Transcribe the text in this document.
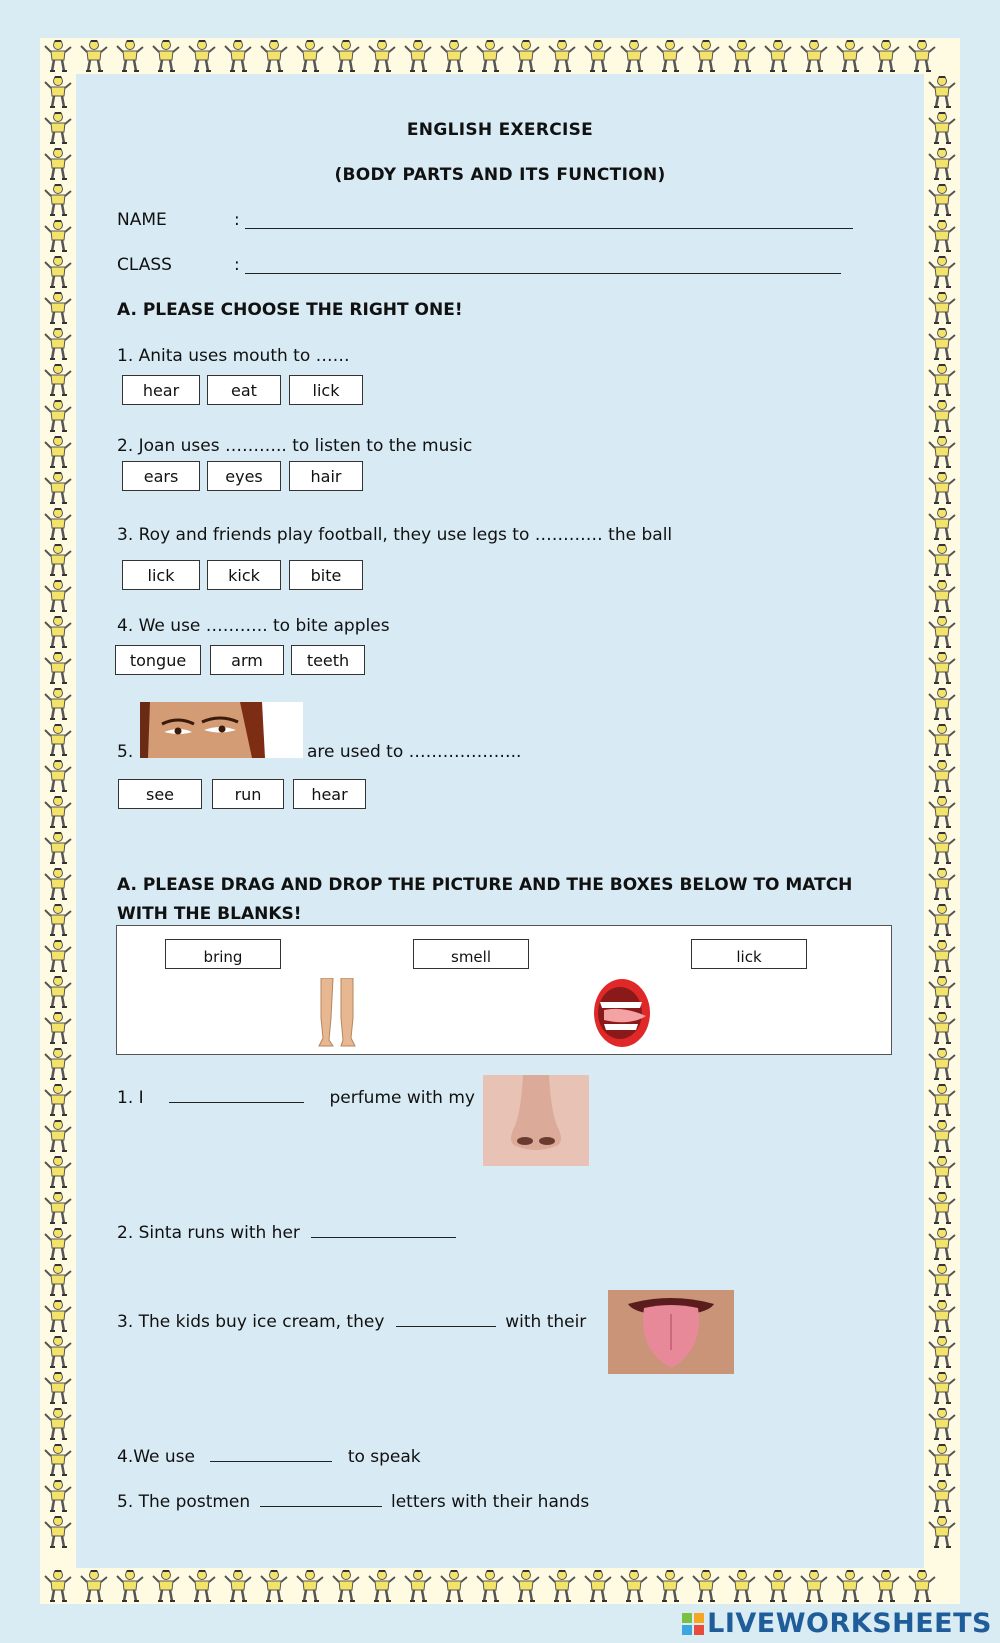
ENGLISH EXERCISE
(BODY PARTS AND ITS FUNCTION)
NAME	:
CLASS	:
A. PLEASE CHOOSE THE RIGHT ONE!
1. Anita uses mouth to ……
hear	eat	lick
2. Joan uses ……….. to listen to the music
ears	eyes	hair
3. Roy and friends play football, they use legs to ………… the ball
lick	kick	bite
4. We use ……….. to bite apples
tongue	arm	teeth
5.	are used to ………………..
see	run	hear
A. PLEASE DRAG AND DROP THE PICTURE AND THE BOXES BELOW TO MATCH
WITH THE BLANKS!
bring	smell	lick
1. I	perfume with my
2. Sinta runs with her
3. The kids buy ice cream, they	with their
4.We use	to speak
5. The postmen	letters with their hands
LIVEWORKSHEETS
